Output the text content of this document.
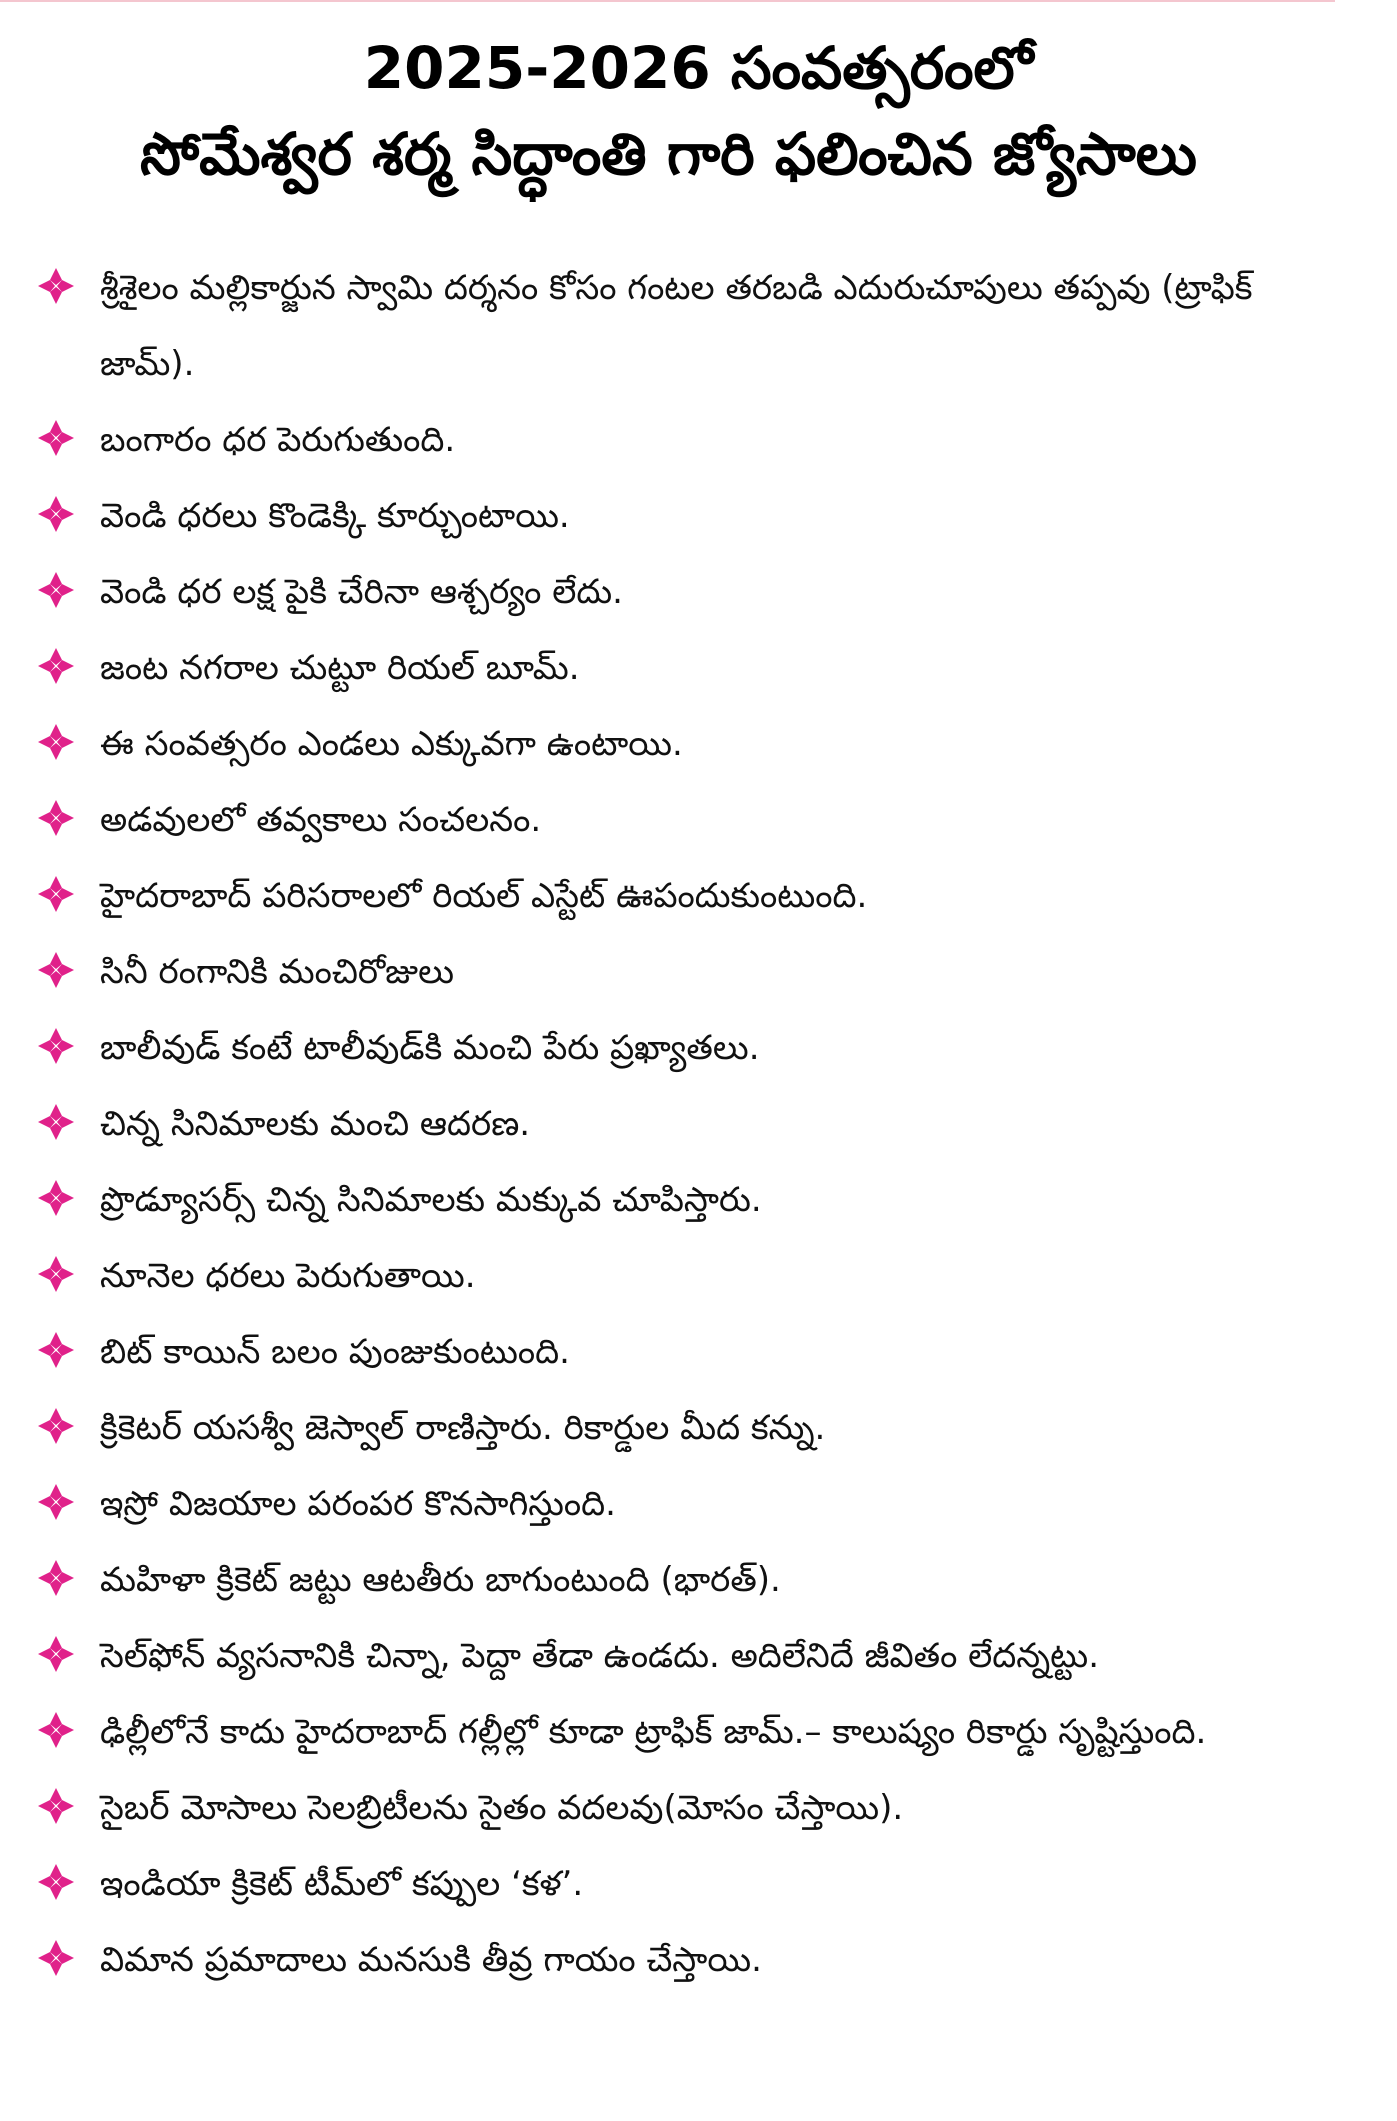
2025-2026 సంవత్సరంలో
సోమేశ్వర శర్మ సిద్ధాంతి గారి ఫలించిన జ్యోసాలు
శ్రీశైలం మల్లికార్జున స్వామి దర్శనం కోసం గంటల తరబడి ఎదురుచూపులు తప్పవు (ట్రాఫిక్ జామ్).
బంగారం ధర పెరుగుతుంది.
వెండి ధరలు కొండెక్కి కూర్చుంటాయి.
వెండి ధర లక్ష పైకి చేరినా ఆశ్చర్యం లేదు.
జంట నగరాల చుట్టూ రియల్ బూమ్.
ఈ సంవత్సరం ఎండలు ఎక్కువగా ఉంటాయి.
అడవులలో తవ్వకాలు సంచలనం.
హైదరాబాద్ పరిసరాలలో రియల్ ఎస్టేట్ ఊపందుకుంటుంది.
సినీ రంగానికి మంచిరోజులు
బాలీవుడ్ కంటే టాలీవుడ్‌కి మంచి పేరు ప్రఖ్యాతలు.
చిన్న సినిమాలకు మంచి ఆదరణ.
ప్రొడ్యూసర్స్ చిన్న సినిమాలకు మక్కువ చూపిస్తారు.
నూనెల ధరలు పెరుగుతాయి.
బిట్ కాయిన్ బలం పుంజుకుంటుంది.
క్రికెటర్ యసశ్వీ జెస్వాల్ రాణిస్తారు. రికార్డుల మీద కన్ను.
ఇస్రో విజయాల పరంపర కొనసాగిస్తుంది.
మహిళా క్రికెట్ జట్టు ఆటతీరు బాగుంటుంది (భారత్).
సెల్‌ఫోన్ వ్యసనానికి చిన్నా, పెద్దా తేడా ఉండదు. అదిలేనిదే జీవితం లేదన్నట్టు.
ఢిల్లీలోనే కాదు హైదరాబాద్ గల్లీల్లో కూడా ట్రాఫిక్ జామ్.– కాలుష్యం రికార్డు సృష్టిస్తుంది.
సైబర్ మోసాలు సెలబ్రిటీలను సైతం వదలవు(మోసం చేస్తాయి).
ఇండియా క్రికెట్ టీమ్‌లో కప్పుల ‘కళ’.
విమాన ప్రమాదాలు మనసుకి తీవ్ర గాయం చేస్తాయి.
